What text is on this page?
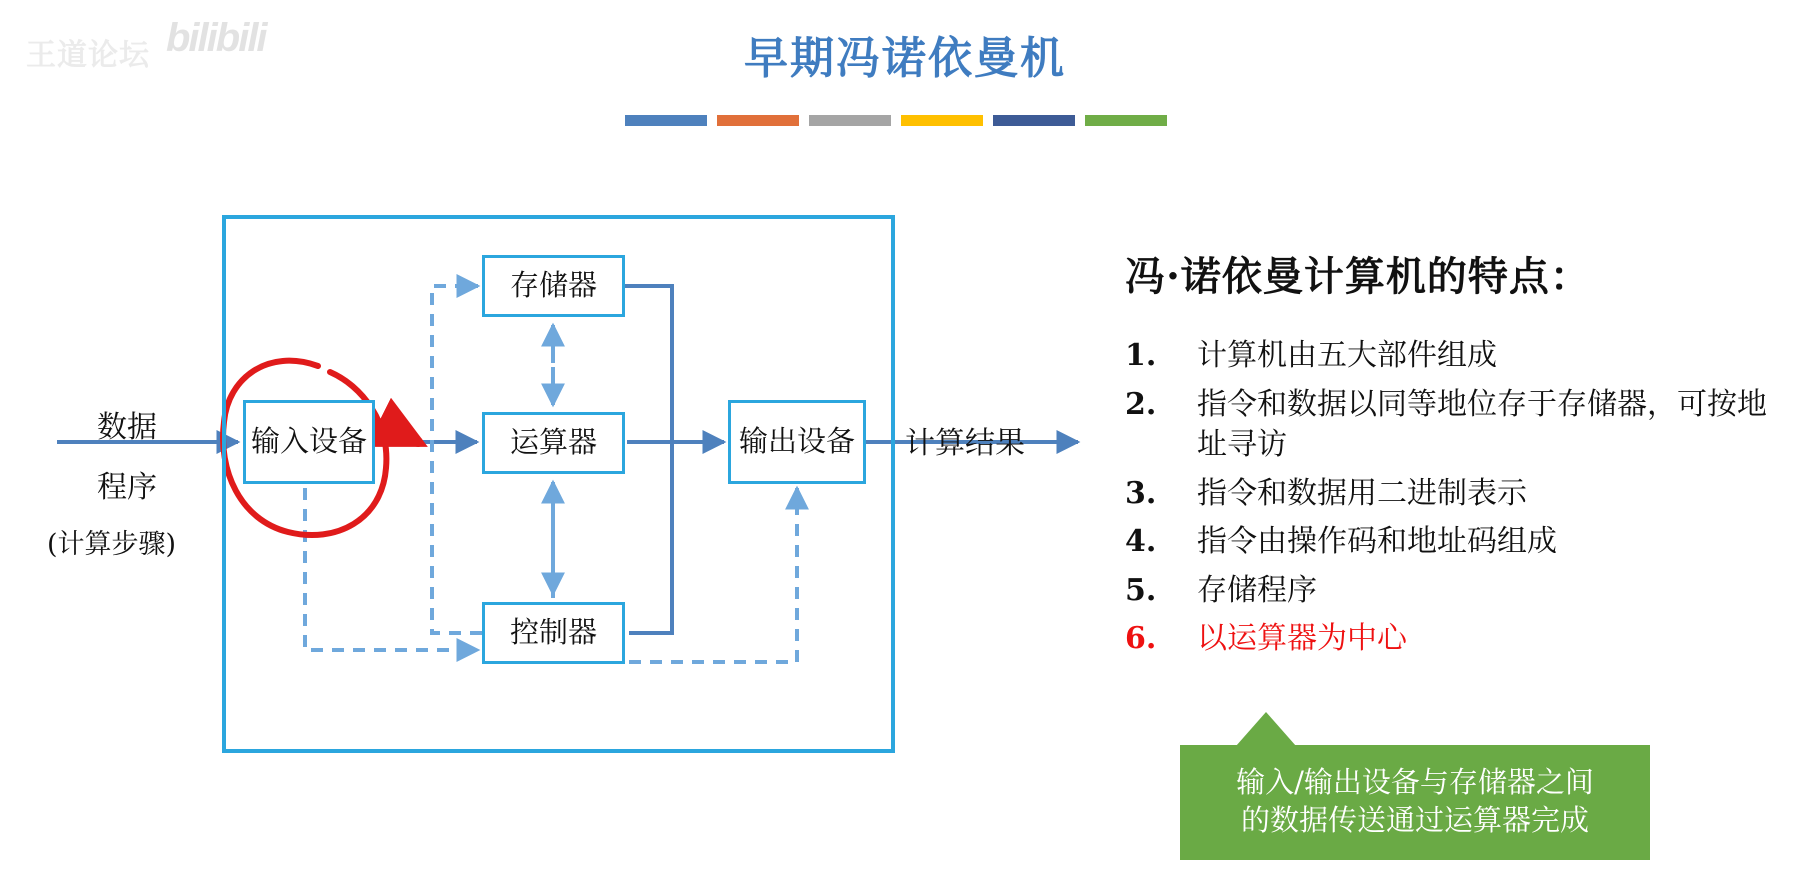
王道论坛 bilibili	早期冯诺依曼机
存储器
运算器
控制器
输入设备	输出设备
数据
程序
(计算步骤)
计算结果
冯·诺依曼计算机的特点：
1.	计算机由五大部件组成
2.	指令和数据以同等地位存于存储器，可按地址寻访
3.	指令和数据用二进制表示
4.	指令由操作码和地址码组成
5.	存储程序
6.	以运算器为中心
输入/输出设备与存储器之间
的数据传送通过运算器完成
